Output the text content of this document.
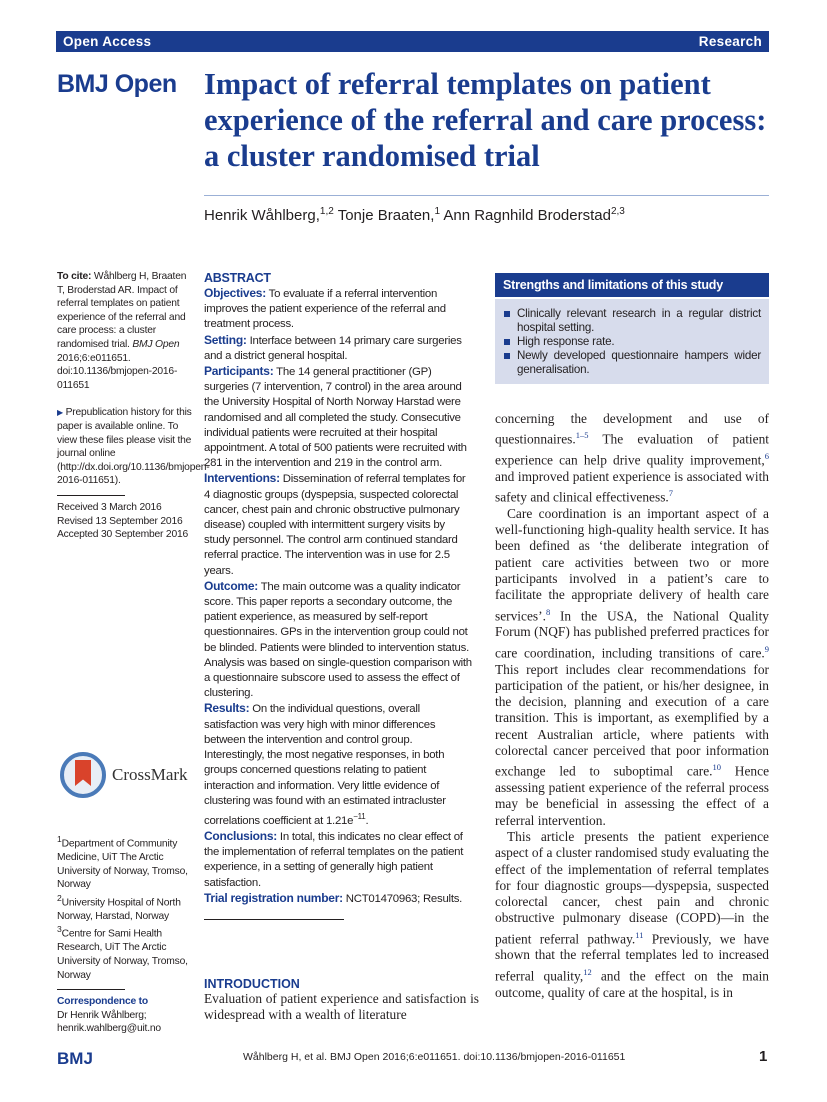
Open Access	Research
BMJ Open Impact of referral templates on patient experience of the referral and care process: a cluster randomised trial
Henrik Wåhlberg,$^{1,2}$ Tonje Braaten,$^1$ Ann Ragnhild Broderstad$^{2,3}$
To cite: Wåhlberg H, Braaten T, Broderstad AR. Impact of referral templates on patient experience of the referral and care process: a cluster randomised trial. BMJ Open 2016;6:e011651. doi:10.1136/bmjopen-2016-011651
▶ Prepublication history for this paper is available online. To view these files please visit the journal online (http://dx.doi.org/10.1136/bmjopen-2016-011651).
Received 3 March 2016
Revised 13 September 2016
Accepted 30 September 2016
CrossMark
$^1$Department of Community Medicine, UiT The Arctic University of Norway, Tromso, Norway
$^2$University Hospital of North Norway, Harstad, Norway
$^3$Centre for Sami Health Research, UiT The Arctic University of Norway, Tromso, Norway
Correspondence to
Dr Henrik Wåhlberg;
henrik.wahlberg@uit.no
ABSTRACT

Objectives: To evaluate if a referral intervention improves the patient experience of the referral and treatment process.

Setting: Interface between 14 primary care surgeries and a district general hospital.

Participants: The 14 general practitioner (GP) surgeries (7 intervention, 7 control) in the area around the University Hospital of North Norway Harstad were randomised and all completed the study. Consecutive individual patients were recruited at their hospital appointment. A total of 500 patients were recruited with 281 in the intervention and 219 in the control arm.

Interventions: Dissemination of referral templates for 4 diagnostic groups (dyspepsia, suspected colorectal cancer, chest pain and chronic obstructive pulmonary disease) coupled with intermittent surgery visits by study personnel. The control arm continued standard referral practice. The intervention was in use for 2.5 years.

Outcome: The main outcome was a quality indicator score. This paper reports a secondary outcome, the patient experience, as measured by self-report questionnaires. GPs in the intervention group could not be blinded. Patients were blinded to intervention status. Analysis was based on single-question comparison with a questionnaire subscore used to assess the effect of clustering.

Results: On the individual questions, overall satisfaction was very high with minor differences between the intervention and control group. Interestingly, the most negative responses, in both groups concerned questions relating to patient interaction and information. Very little evidence of clustering was found with an estimated intracluster correlations coefficient at $1.21e^{-11}$.

Conclusions: In total, this indicates no clear effect of the implementation of referral templates on the patient experience, in a setting of generally high patient satisfaction.

Trial registration number: NCT01470963; Results.

INTRODUCTION

Evaluation of patient experience and satisfaction is widespread with a wealth of literature

Strengths and limitations of this study
Clinically relevant research in a regular district hospital setting.
High response rate.
Newly developed questionnaire hampers wider generalisation.

concerning the development and use of questionnaires.$^{1-5}$ The evaluation of patient experience can help drive quality improvement,$^6$ and improved patient experience is associated with safety and clinical effectiveness.$^7$

Care coordination is an important aspect of a well-functioning high-quality health service. It has been defined as ‘the deliberate integration of patient care activities between two or more participants involved in a patient’s care to facilitate the appropriate delivery of health care services’.$^8$ In the USA, the National Quality Forum (NQF) has published preferred practices for care coordination, including transitions of care.$^9$ This report includes clear recommendations for participation of the patient, or his/her designee, in the decision, planning and execution of a care transition. This is important, as exemplified by a recent Australian article, where patients with colorectal cancer perceived that poor information exchange led to suboptimal care.$^{10}$ Hence assessing patient experience of the referral process may be beneficial in assessing the effect of a referral intervention.

This article presents the patient experience aspect of a cluster randomised study evaluating the effect of the implementation of referral templates for four diagnostic groups—dyspepsia, suspected colorectal cancer, chest pain and chronic obstructive pulmonary disease (COPD)—in the patient referral pathway.$^{11}$ Previously, we have shown that the referral templates led to increased referral quality,$^{12}$ and the effect on the main outcome, quality of care at the hospital, is in

BMJ	Wåhlberg H, et al. BMJ Open 2016;6:e011651. doi:10.1136/bmjopen-2016-011651	1
